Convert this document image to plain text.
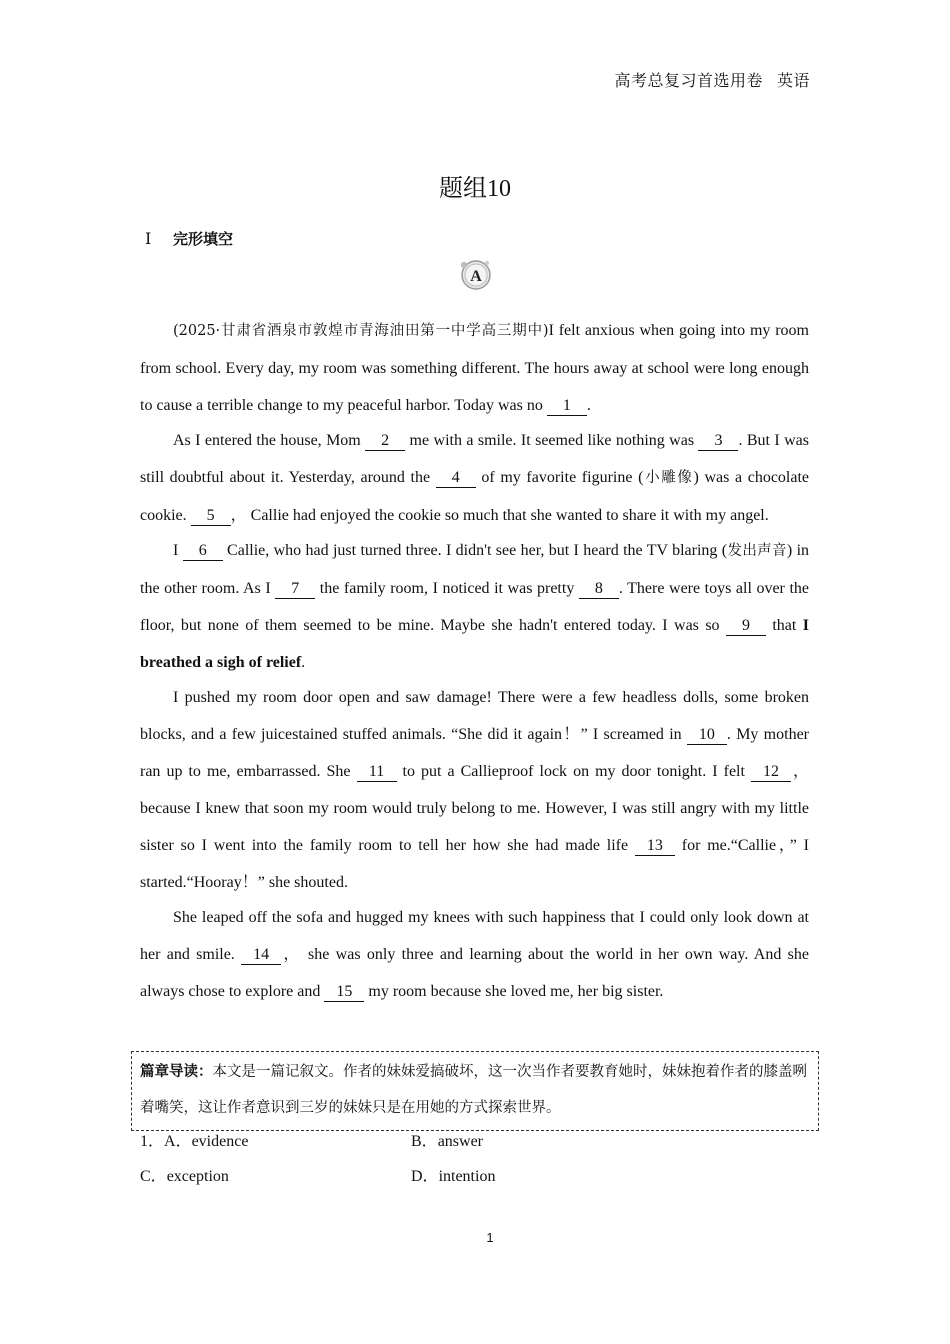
高考总复习首选用卷 英语
题组10
Ⅰ 完形填空
A

(2025·甘肃省酒泉市敦煌市青海油田第一中学高三期中)I felt anxious when going into my room from school. Every day, my room was something different. The hours away at school were long enough to cause a terrible change to my peaceful harbor. Today was no 1 .

As I entered the house, Mom 2 me with a smile. It seemed like nothing was 3 . But I was still doubtful about it. Yesterday, around the 4 of my favorite figurine (小雕像) was a chocolate cookie. 5 ， Callie had enjoyed the cookie so much that she wanted to share it with my angel.

I 6 Callie, who had just turned three. I didn't see her, but I heard the TV blaring (发出声音) in the other room. As I 7 the family room, I noticed it was pretty 8 . There were toys all over the floor, but none of them seemed to be mine. Maybe she hadn't entered today. I was so 9 that I breathed a sigh of relief.

I pushed my room door open and saw damage! There were a few headless dolls, some broken blocks, and a few juicestained stuffed animals. “She did it again！” I screamed in 10 . My mother ran up to me, embarrassed. She 11 to put a Callieproof lock on my door tonight. I felt 12 ， because I knew that soon my room would truly belong to me. However, I was still angry with my little sister so I went into the family room to tell her how she had made life 13 for me.“Callie，” I started.“Hooray！” she shouted.

She leaped off the sofa and hugged my knees with such happiness that I could only look down at her and smile. 14 ， she was only three and learning about the world in her own way. And she always chose to explore and 15 my room because she loved me, her big sister.

篇章导读：本文是一篇记叙文。作者的妹妹爱搞破坏，这一次当作者要教育她时，妹妹抱着作者的膝盖咧着嘴笑，这让作者意识到三岁的妹妹只是在用她的方式探索世界。
1．A．evidence	B．answer
C．exception	D．intention
1
